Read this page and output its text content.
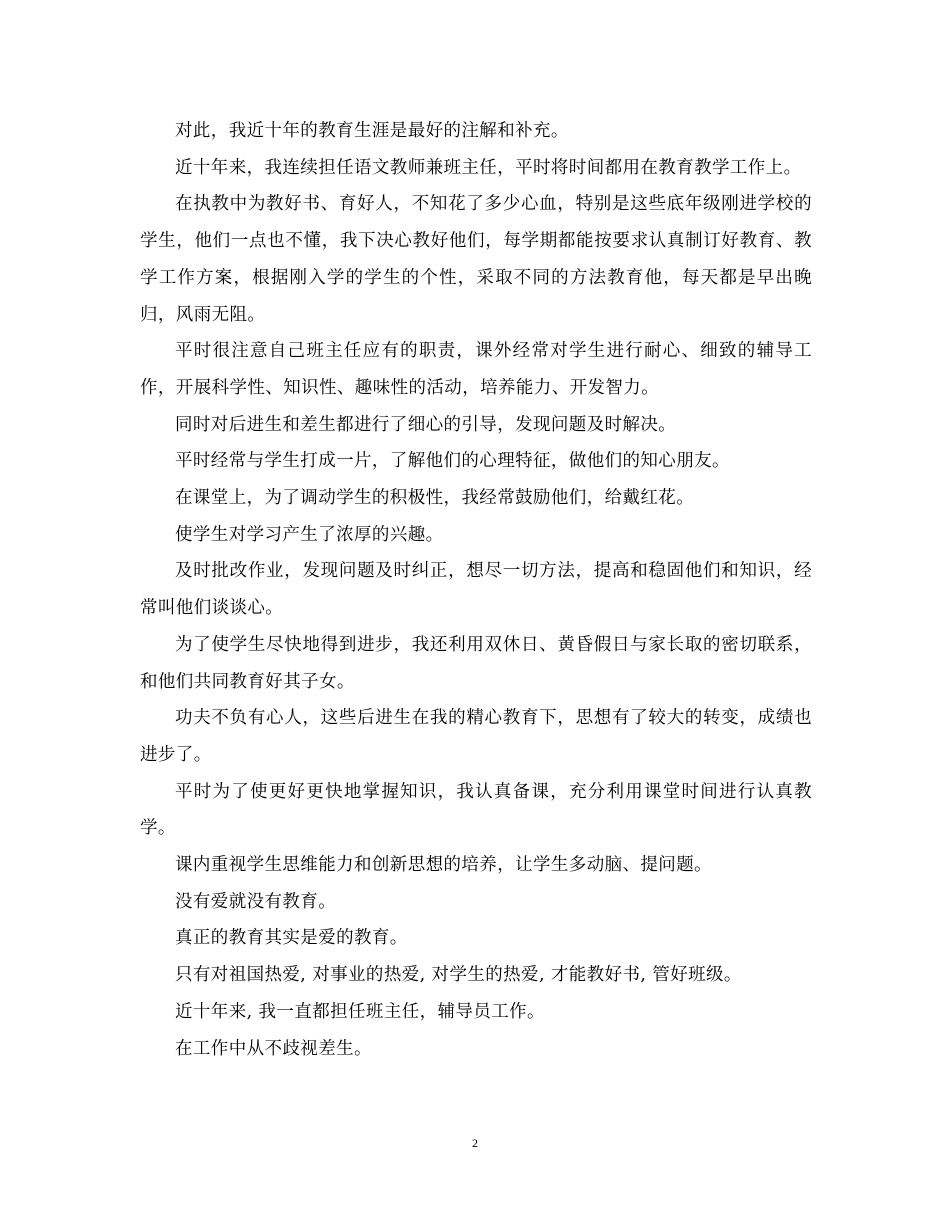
对此，我近十年的教育生涯是最好的注解和补充。

近十年来，我连续担任语文教师兼班主任，平时将时间都用在教育教学工作上。

在执教中为教好书、育好人，不知花了多少心血，特别是这些底年级刚进学校的学生，他们一点也不懂，我下决心教好他们，每学期都能按要求认真制订好教育、教学工作方案，根据刚入学的学生的个性，采取不同的方法教育他，每天都是早出晚归，风雨无阻。

平时很注意自己班主任应有的职责，课外经常对学生进行耐心、细致的辅导工作，开展科学性、知识性、趣味性的活动，培养能力、开发智力。

同时对后进生和差生都进行了细心的引导，发现问题及时解决。

平时经常与学生打成一片，了解他们的心理特征，做他们的知心朋友。

在课堂上，为了调动学生的积极性，我经常鼓励他们，给戴红花。

使学生对学习产生了浓厚的兴趣。

及时批改作业，发现问题及时纠正，想尽一切方法，提高和稳固他们和知识，经常叫他们谈谈心。

为了使学生尽快地得到进步，我还利用双休日、黄昏假日与家长取的密切联系，和他们共同教育好其子女。

功夫不负有心人，这些后进生在我的精心教育下，思想有了较大的转变，成绩也进步了。

平时为了使更好更快地掌握知识，我认真备课，充分利用课堂时间进行认真教学。

课内重视学生思维能力和创新思想的培养，让学生多动脑、提问题。

没有爱就没有教育。

真正的教育其实是爱的教育。

只有对祖国热爱, 对事业的热爱, 对学生的热爱, 才能教好书, 管好班级。

近十年来, 我一直都担任班主任，辅导员工作。

在工作中从不歧视差生。

2
